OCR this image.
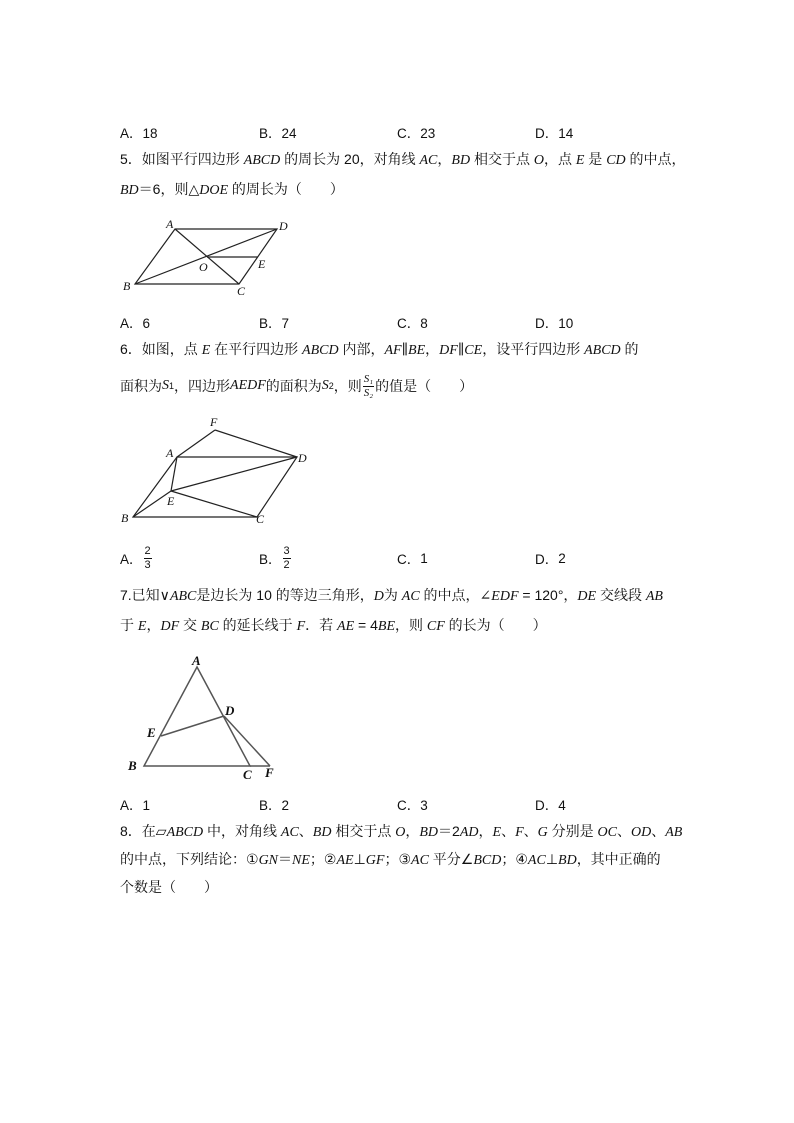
A．18	B．24	C．23	D．14
5．如图平行四边形 ABCD 的周长为 20，对角线 AC，BD 相交于点 O，点 E 是 CD 的中点，
BD＝6，则△DOE 的周长为（　　）
A	D
B	C
O	E
A．6	B．7	C．8	D．10
6．如图，点 E 在平行四边形 ABCD 内部，AF∥BE，DF∥CE，设平行四边形 ABCD 的
面积为 S 1 ，四边形 AEDF 的面积为 S 2 ，则 $\frac{\text{S₁}}{\text{S₂}}$ 的值是（　　）
F
A	D
E
B	C
A． $\frac{2}{3}$	B． $\frac{3}{2}$	C． 1	D． 2
7.已知∨ABC是边长为 10 的等边三角形，D为 AC 的中点，∠EDF = 120°，DE 交线段 AB
于 E，DF 交 BC 的延长线于 F．若 AE = 4BE，则 CF 的长为（　　）
A
D
E
B
C F
A．1	B．2	C．3	D．4
8．在▱ABCD 中，对角线 AC、BD 相交于点 O，BD＝2AD，E、F、G 分别是 OC、OD、AB
的中点，下列结论：①GN＝NE；②AE⊥GF；③AC 平分∠BCD；④AC⊥BD，其中正确的
个数是（　　）
